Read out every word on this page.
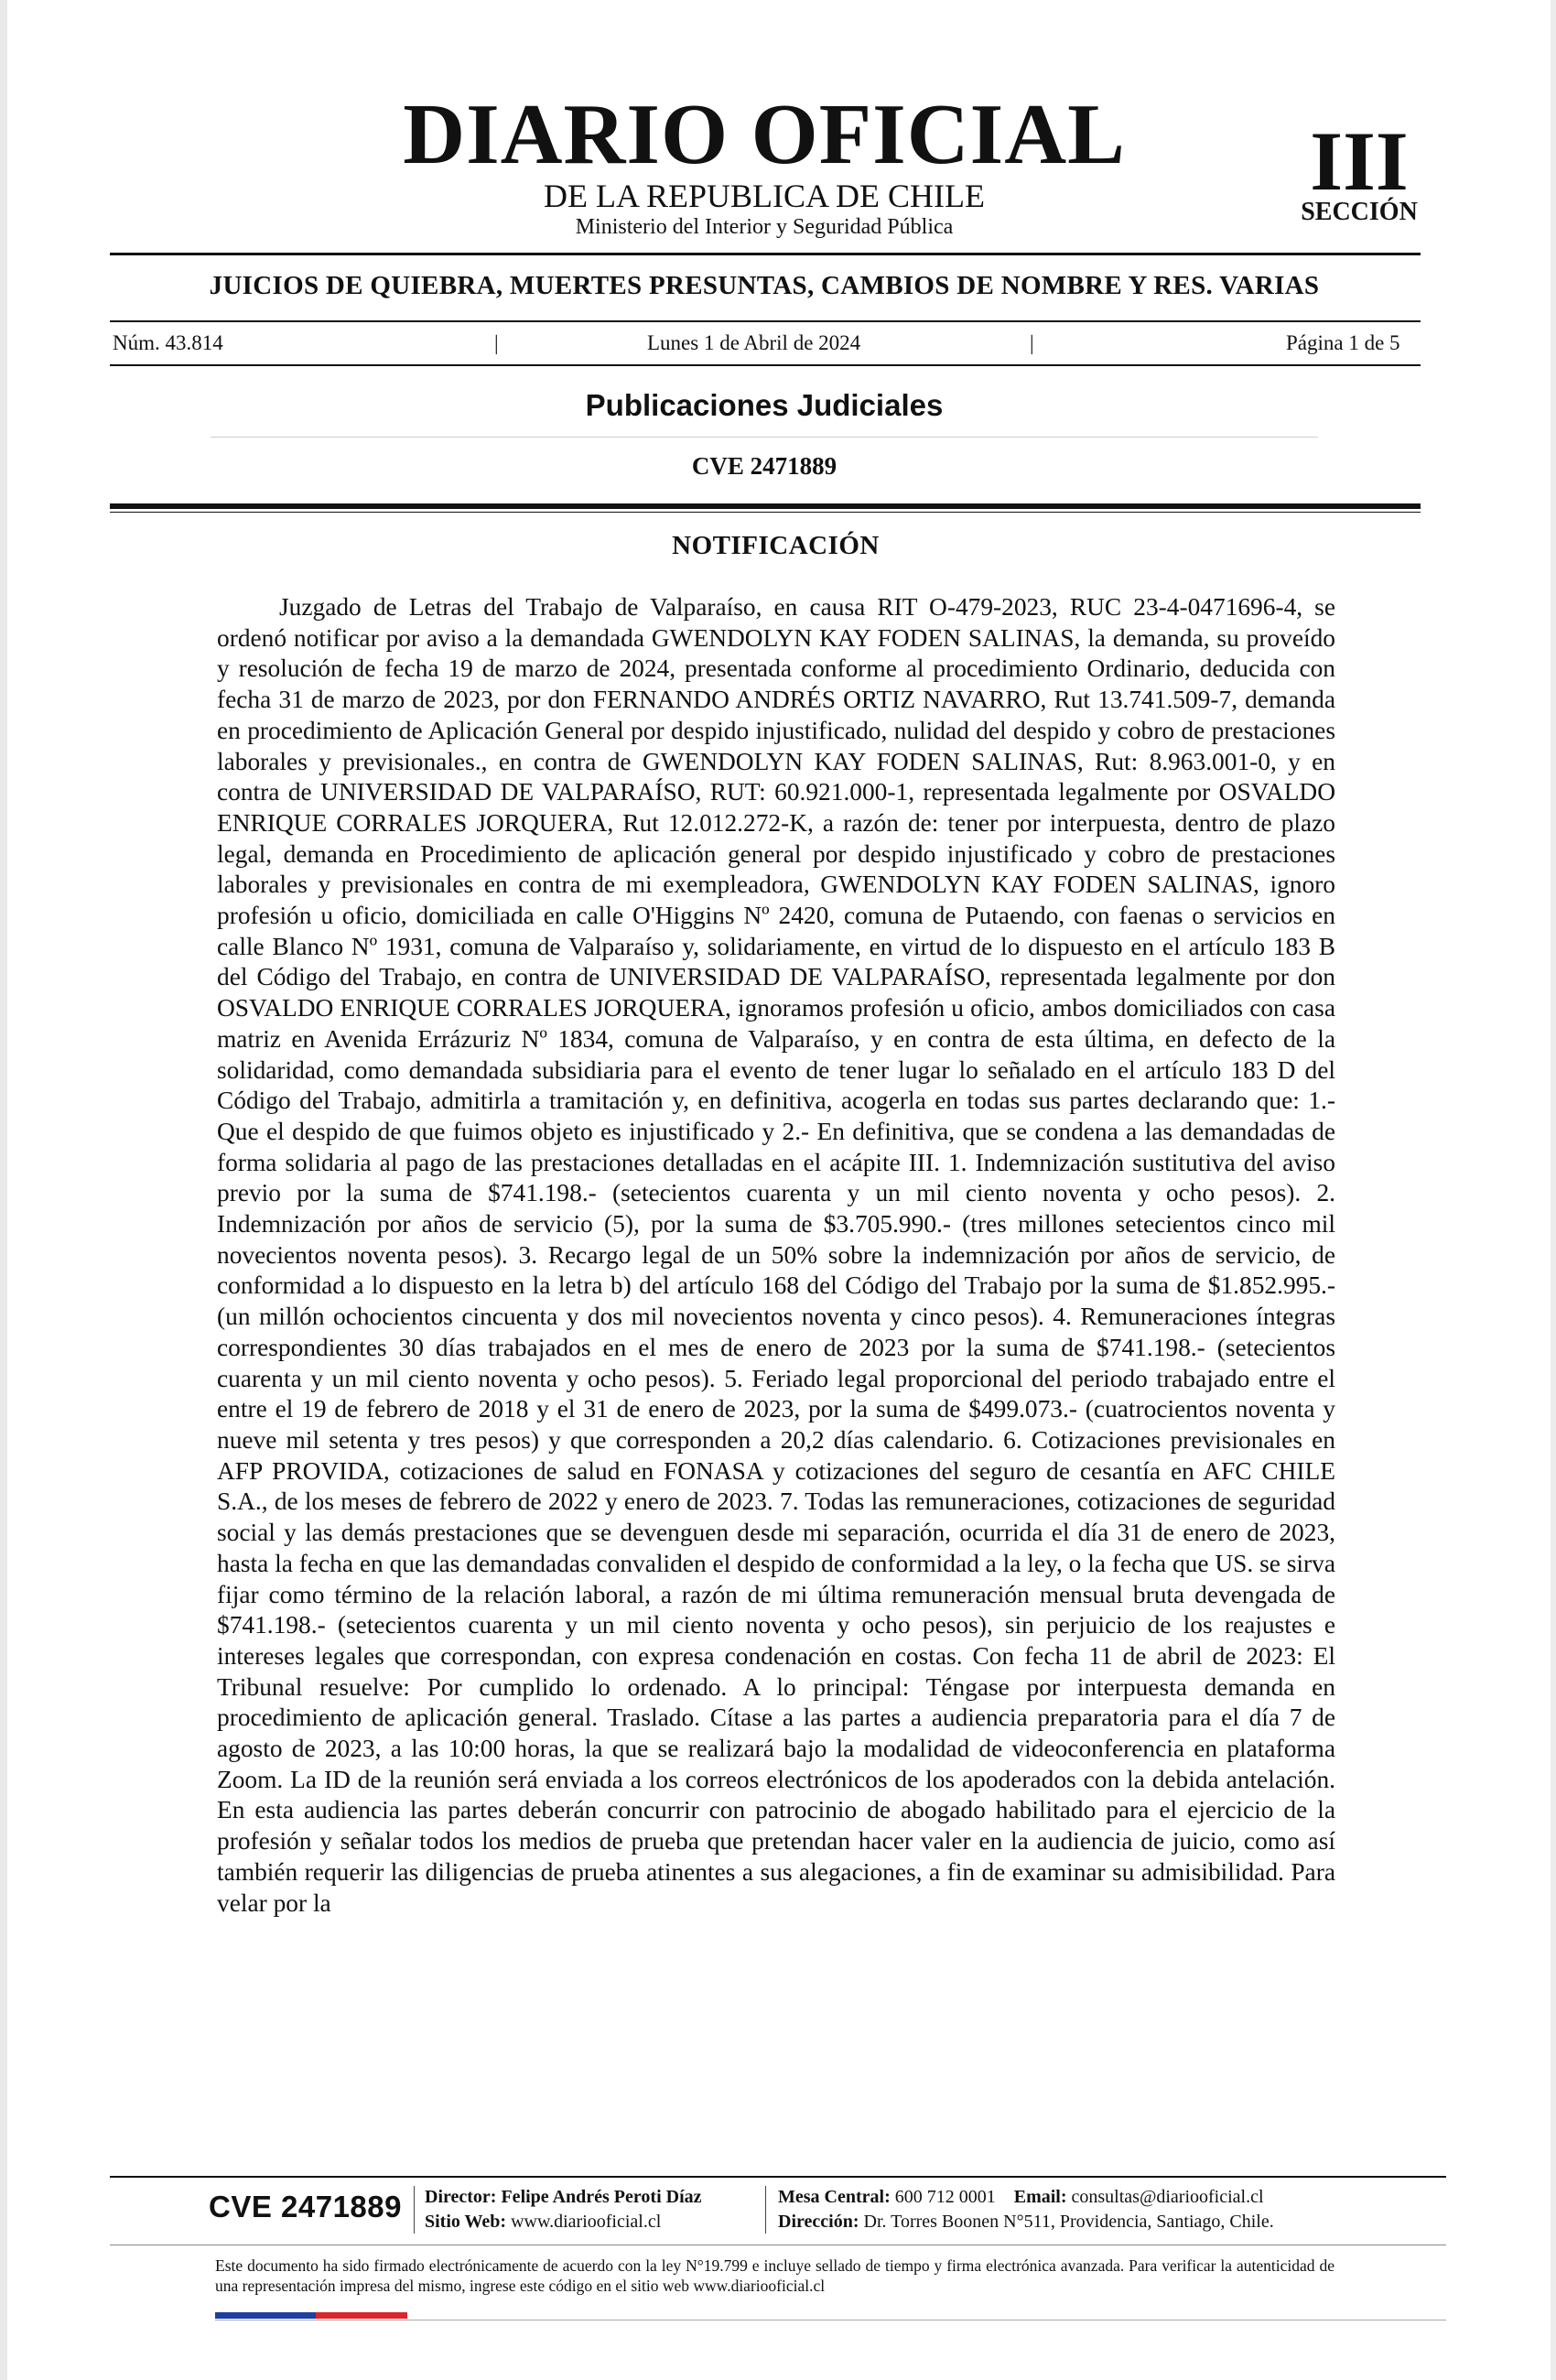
DIARIO OFICIAL
DE LA REPUBLICA DE CHILE
Ministerio del Interior y Seguridad Pública
III
SECCIÓN
JUICIOS DE QUIEBRA, MUERTES PRESUNTAS, CAMBIOS DE NOMBRE Y RES. VARIAS
Núm. 43.814	|	Lunes 1 de Abril de 2024	|	Página 1 de 5
Publicaciones Judiciales
CVE 2471889
NOTIFICACIÓN

Juzgado de Letras del Trabajo de Valparaíso, en causa RIT O-479-2023, RUC 23-4-0471696-4, se ordenó notificar por aviso a la demandada GWENDOLYN KAY FODEN SALINAS, la demanda, su proveído y resolución de fecha 19 de marzo de 2024, presentada conforme al procedimiento Ordinario, deducida con fecha 31 de marzo de 2023, por don FERNANDO ANDRÉS ORTIZ NAVARRO, Rut 13.741.509-7, demanda en procedimiento de Aplicación General por despido injustificado, nulidad del despido y cobro de prestaciones laborales y previsionales., en contra de GWENDOLYN KAY FODEN SALINAS, Rut: 8.963.001-0, y en contra de UNIVERSIDAD DE VALPARAÍSO, RUT: 60.921.000-1, representada legalmente por OSVALDO ENRIQUE CORRALES JORQUERA, Rut 12.012.272-K, a razón de: tener por interpuesta, dentro de plazo legal, demanda en Procedimiento de aplicación general por despido injustificado y cobro de prestaciones laborales y previsionales en contra de mi exempleadora, GWENDOLYN KAY FODEN SALINAS, ignoro profesión u oficio, domiciliada en calle O'Higgins Nº 2420, comuna de Putaendo, con faenas o servicios en calle Blanco Nº 1931, comuna de Valparaíso y, solidariamente, en virtud de lo dispuesto en el artículo 183 B del Código del Trabajo, en contra de UNIVERSIDAD DE VALPARAÍSO, representada legalmente por don OSVALDO ENRIQUE CORRALES JORQUERA, ignoramos profesión u oficio, ambos domiciliados con casa matriz en Avenida Errázuriz Nº 1834, comuna de Valparaíso, y en contra de esta última, en defecto de la solidaridad, como demandada subsidiaria para el evento de tener lugar lo señalado en el artículo 183 D del Código del Trabajo, admitirla a tramitación y, en definitiva, acogerla en todas sus partes declarando que: 1.- Que el despido de que fuimos objeto es injustificado y 2.- En definitiva, que se condena a las demandadas de forma solidaria al pago de las prestaciones detalladas en el acápite III. 1. Indemnización sustitutiva del aviso previo por la suma de $741.198.- (setecientos cuarenta y un mil ciento noventa y ocho pesos). 2. Indemnización por años de servicio (5), por la suma de $3.705.990.- (tres millones setecientos cinco mil novecientos noventa pesos). 3. Recargo legal de un 50% sobre la indemnización por años de servicio, de conformidad a lo dispuesto en la letra b) del artículo 168 del Código del Trabajo por la suma de $1.852.995.- (un millón ochocientos cincuenta y dos mil novecientos noventa y cinco pesos). 4. Remuneraciones íntegras correspondientes 30 días trabajados en el mes de enero de 2023 por la suma de $741.198.- (setecientos cuarenta y un mil ciento noventa y ocho pesos). 5. Feriado legal proporcional del periodo trabajado entre el entre el 19 de febrero de 2018 y el 31 de enero de 2023, por la suma de $499.073.- (cuatrocientos noventa y nueve mil setenta y tres pesos) y que corresponden a 20,2 días calendario. 6. Cotizaciones previsionales en AFP PROVIDA, cotizaciones de salud en FONASA y cotizaciones del seguro de cesantía en AFC CHILE S.A., de los meses de febrero de 2022 y enero de 2023. 7. Todas las remuneraciones, cotizaciones de seguridad social y las demás prestaciones que se devenguen desde mi separación, ocurrida el día 31 de enero de 2023, hasta la fecha en que las demandadas convaliden el despido de conformidad a la ley, o la fecha que US. se sirva fijar como término de la relación laboral, a razón de mi última remuneración mensual bruta devengada de $741.198.- (setecientos cuarenta y un mil ciento noventa y ocho pesos), sin perjuicio de los reajustes e intereses legales que correspondan, con expresa condenación en costas. Con fecha 11 de abril de 2023: El Tribunal resuelve: Por cumplido lo ordenado. A lo principal: Téngase por interpuesta demanda en procedimiento de aplicación general. Traslado. Cítase a las partes a audiencia preparatoria para el día 7 de agosto de 2023, a las 10:00 horas, la que se realizará bajo la modalidad de videoconferencia en plataforma Zoom. La ID de la reunión será enviada a los correos electrónicos de los apoderados con la debida antelación. En esta audiencia las partes deberán concurrir con patrocinio de abogado habilitado para el ejercicio de la profesión y señalar todos los medios de prueba que pretendan hacer valer en la audiencia de juicio, como así también requerir las diligencias de prueba atinentes a sus alegaciones, a fin de examinar su admisibilidad. Para velar por la

CVE 2471889 Director: Felipe Andrés Peroti Díaz
Sitio Web: www.diariooficial.cl
Mesa Central: 600 712 0001 Email: consultas@diariooficial.cl
Dirección: Dr. Torres Boonen N°511, Providencia, Santiago, Chile.
Este documento ha sido firmado electrónicamente de acuerdo con la ley N°19.799 e incluye sellado de tiempo y firma electrónica avanzada. Para verificar la autenticidad de una representación impresa del mismo, ingrese este código en el sitio web www.diariooficial.cl
